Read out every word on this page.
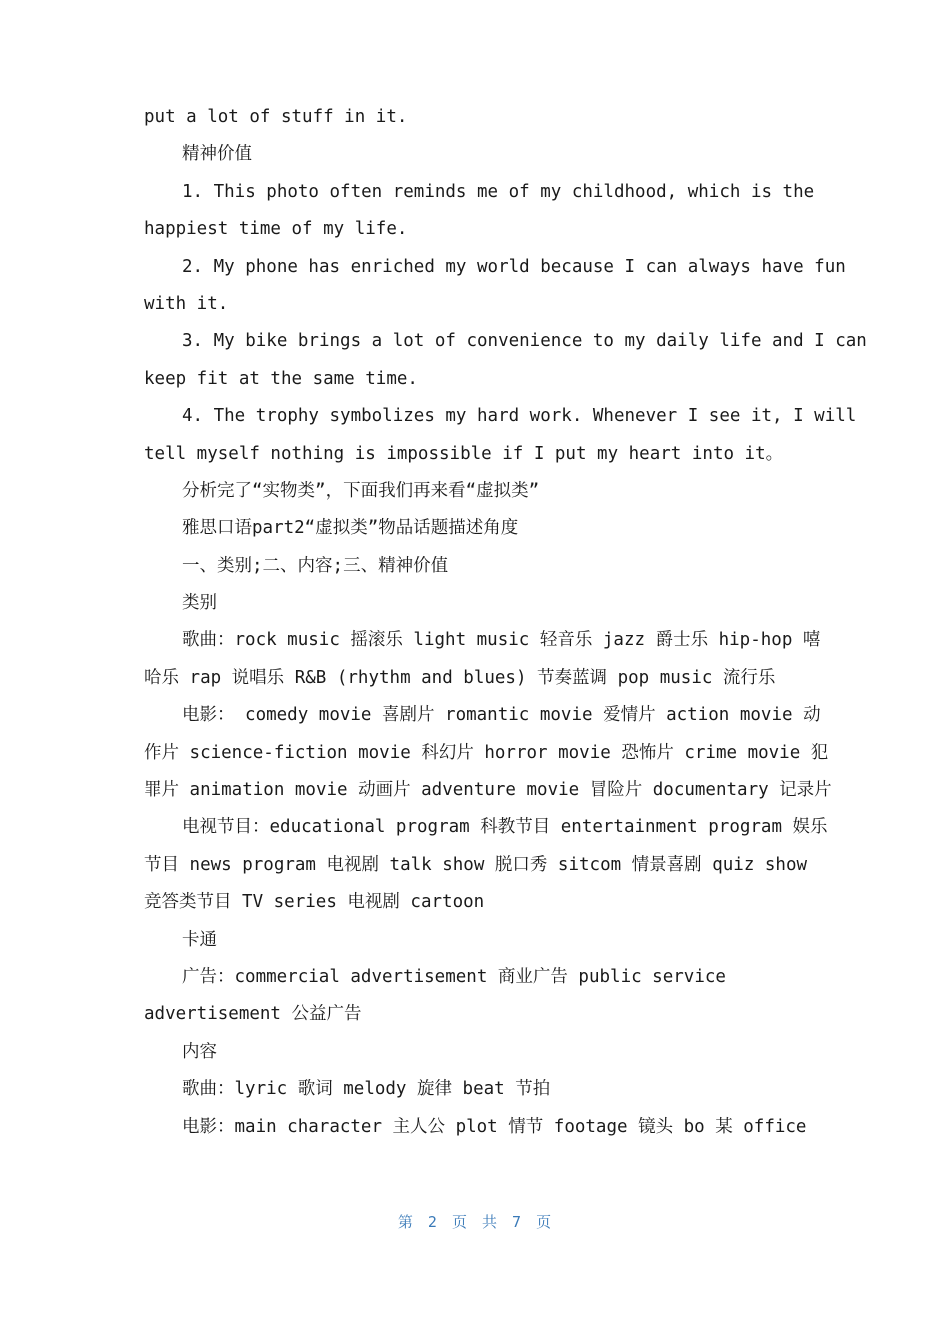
put a lot of stuff in it.
精神价值
1. This photo often reminds me of my childhood, which is the
happiest time of my life.
2. My phone has enriched my world because I can always have fun
with it.
3. My bike brings a lot of convenience to my daily life and I can
keep fit at the same time.
4. The trophy symbolizes my hard work. Whenever I see it, I will
tell myself nothing is impossible if I put my heart into it。
分析完了“实物类”，下面我们再来看“虚拟类”
雅思口语part2“虚拟类”物品话题描述角度
一、类别;二、内容;三、精神价值
类别
歌曲：rock music 摇滚乐 light music 轻音乐 jazz 爵士乐 hip-hop 嘻
哈乐 rap 说唱乐 R&B (rhythm and blues) 节奏蓝调 pop music 流行乐
电影： comedy movie 喜剧片 romantic movie 爱情片 action movie 动
作片 science-fiction movie 科幻片 horror movie 恐怖片 crime movie 犯
罪片 animation movie 动画片 adventure movie 冒险片 documentary 记录片
电视节目：educational program 科教节目 entertainment program 娱乐
节目 news program 电视剧 talk show 脱口秀 sitcom 情景喜剧 quiz show
竞答类节目 TV series 电视剧 cartoon
卡通
广告：commercial advertisement 商业广告 public service
advertisement 公益广告
内容
歌曲：lyric 歌词 melody 旋律 beat 节拍
电影：main character 主人公 plot 情节 footage 镜头 bo 某 office
第 2 页 共 7 页
